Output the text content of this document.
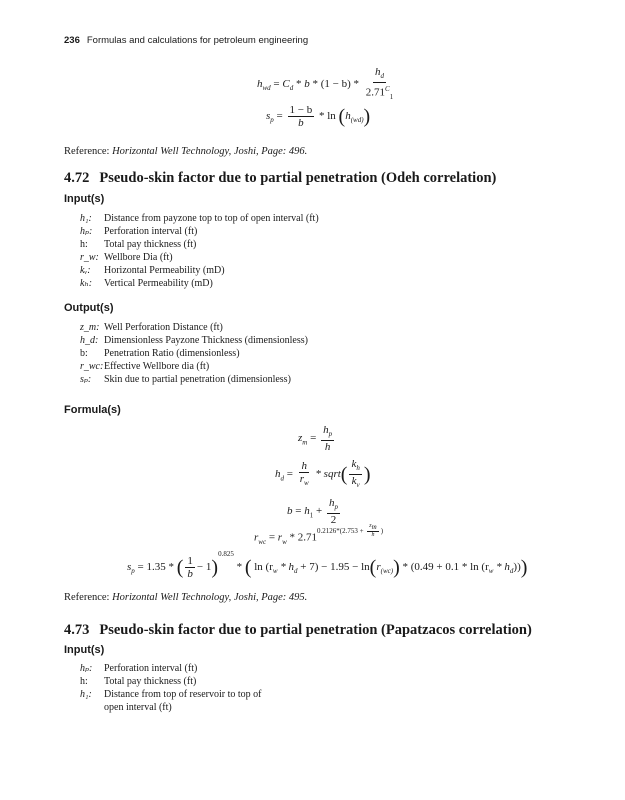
236 Formulas and calculations for petroleum engineering
$h_{wd} = C_d * b * (1 - b) * \frac{h_d}{2.71^C_1}$
$s_p = \frac{1 - b}{b} * \ln (h_{(wd)})$
Reference: Horizontal Well Technology, Joshi, Page: 496.
4.72 Pseudo-skin factor due to partial penetration (Odeh correlation)
Input(s)
h₁:	Distance from payzone top to top of open interval (ft)
hₚ:	Perforation interval (ft)
h:	Total pay thickness (ft)
r_w: Wellbore Dia (ft)
kᵥ:	Horizontal Permeability (mD)
kₕ:	Vertical Permeability (mD)
Output(s)
z_m: Well Perforation Distance (ft)
h_d: Dimensionless Payzone Thickness (dimensionless)
b:	Penetration Ratio (dimensionless)
r_wc: Effective Wellbore dia (ft)
sₚ:	Skin due to partial penetration (dimensionless)
Formula(s)
$z_m = \frac{h_p}{h}$
$h_d = \frac{h}{r_w}$ * sqrt( $\frac{k_h}{k_v}$ )
$b = h_1 + \frac{h_p}{2}$
$r_{wc} = r_w * 2.71^{0.2126*(2.753 + \frac{z_m}{h} )}$
$s_p = 1.35$ * ( $\frac{1}{b} - 1)^{0.825}$ * ( $\ln (r_w * h_d + 7) - 1.95 - \ln(r_{(wc)}) * (0.49 + 0.1 * \ln (r_w * h_d))$)
Reference: Horizontal Well Technology, Joshi, Page: 495.
4.73 Pseudo-skin factor due to partial penetration (Papatzacos correlation)
Input(s)
hₚ:	Perforation interval (ft)
h:	Total pay thickness (ft)
h₁:	Distance from top of reservoir to top of
open interval (ft)
